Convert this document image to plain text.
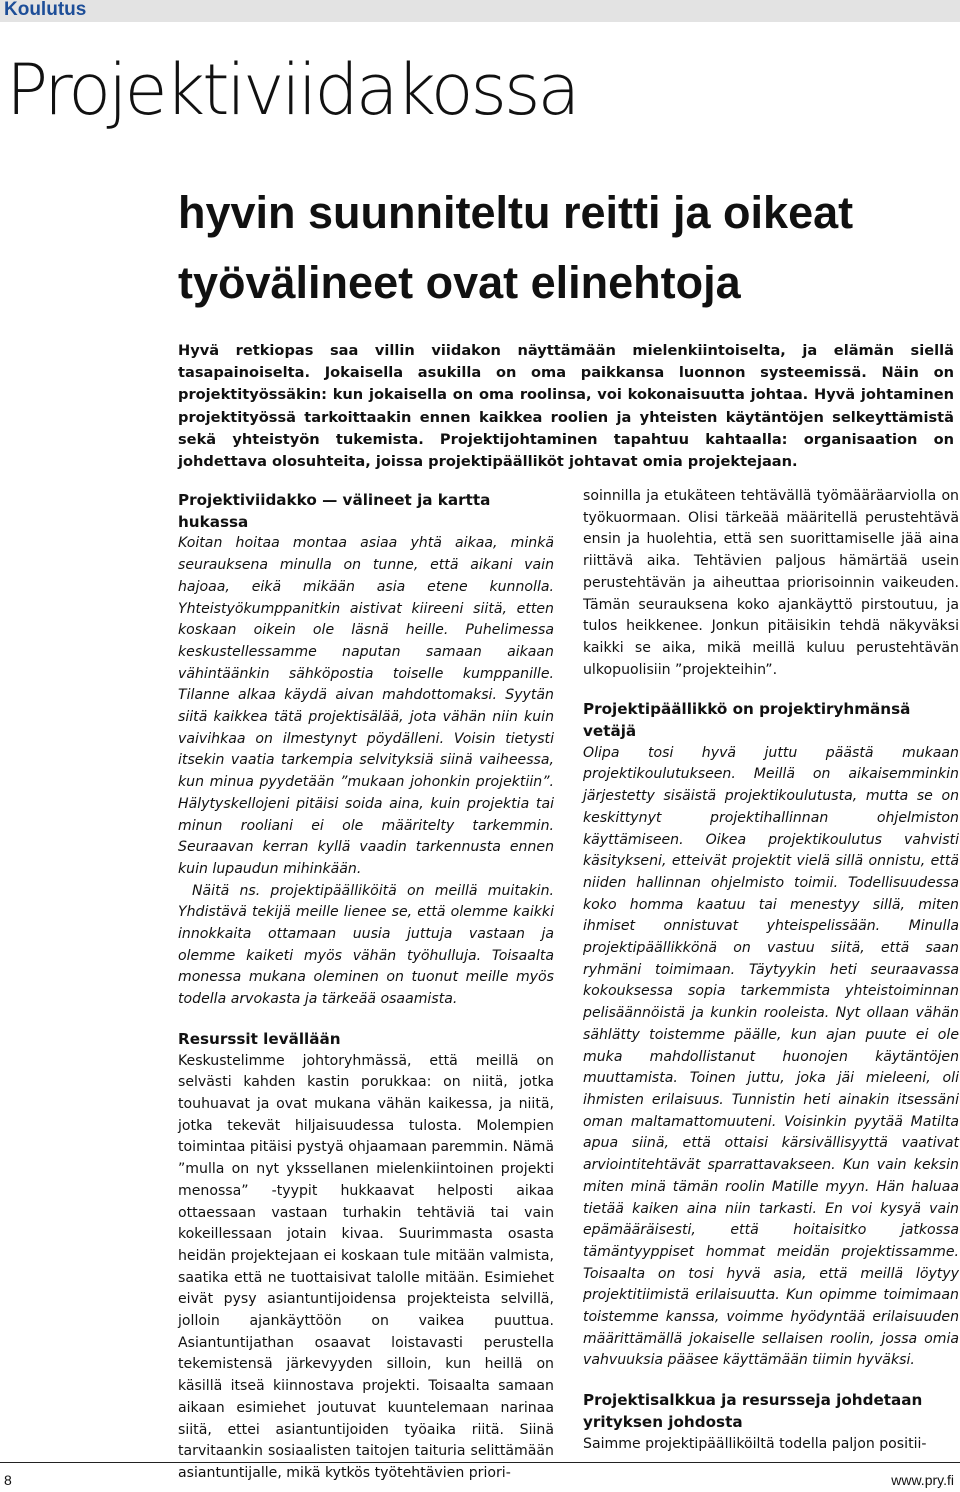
Koulutus
Projektiviidakossa
hyvin suunniteltu reitti ja oikeat työvälineet ovat elinehtoja

Hyvä retkiopas saa villin viidakon näyttämään mielenkiintoiselta, ja elämän siellä tasapainoiselta. Jokaisella asukilla on oma paikkansa luonnon systeemissä. Näin on projektityössäkin: kun jokaisella on oma roolinsa, voi kokonaisuutta johtaa. Hyvä johtaminen projektityössä tarkoittaakin ennen kaikkea roolien ja yhteisten käytäntöjen selkeyttämistä sekä yhteistyön tukemista. Projektijohtaminen tapahtuu kahtaalla: organisaation on johdettava olosuhteita, joissa projektipäälliköt johtavat omia projektejaan.

Projektiviidakko — välineet ja kartta hukassa

Koitan hoitaa montaa asiaa yhtä aikaa, minkä seurauksena minulla on tunne, että aikani vain hajoaa, eikä mikään asia etene kunnolla. Yhteistyökumppanitkin aistivat kiireeni siitä, etten koskaan oikein ole läsnä heille. Puhelimessa keskustellessamme naputan samaan aikaan vähintäänkin sähköpostia toiselle kumppanille. Tilanne alkaa käydä aivan mahdottomaksi. Syytän siitä kaikkea tätä projektisälää, jota vähän niin kuin vaivihkaa on ilmestynyt pöydälleni. Voisin tietysti itsekin vaatia tarkempia selvityksiä siinä vaiheessa, kun minua pyydetään ”mukaan johonkin projektiin”. Hälytyskellojeni pitäisi soida aina, kuin projektia tai minun rooliani ei ole määritelty tarkemmin. Seuraavan kerran kyllä vaadin tarkennusta ennen kuin lupaudun mihinkään.

Näitä ns. projektipäälliköitä on meillä muitakin. Yhdistävä tekijä meille lienee se, että olemme kaikki innokkaita ottamaan uusia juttuja vastaan ja olemme kaiketi myös vähän työhulluja. Toisaalta monessa mukana oleminen on tuonut meille myös todella arvokasta ja tärkeää osaamista.

Resurssit levällään

Keskustelimme johtoryhmässä, että meillä on selvästi kahden kastin porukkaa: on niitä, jotka touhuavat ja ovat mukana vähän kaikessa, ja niitä, jotka tekevät hiljaisuudessa tulosta. Molempien toimintaa pitäisi pystyä ohjaamaan paremmin. Nämä ”mulla on nyt ykssellanen mielenkiintoinen projekti menossa” -tyypit hukkaavat helposti aikaa ottaessaan vastaan turhakin tehtäviä tai vain kokeillessaan jotain kivaa. Suurimmasta osasta heidän projektejaan ei koskaan tule mitään valmista, saatika että ne tuottaisivat talolle mitään. Esimiehet eivät pysy asiantuntijoidensa projekteista selvillä, jolloin ajankäyttöön on vaikea puuttua. Asiantuntijathan osaavat loistavasti perustella tekemistensä järkevyyden silloin, kun heillä on käsillä itseä kiinnostava projekti. Toisaalta samaan aikaan esimiehet joutuvat kuuntelemaan narinaa siitä, ettei asiantuntijoiden työaika riitä. Siinä tarvitaankin sosiaalisten taitojen taituria selittämään asiantuntijalle, mikä kytkös työtehtävien priori-

soinnilla ja etukäteen tehtävällä työmääräarviolla on työkuormaan. Olisi tärkeää määritellä perustehtävä ensin ja huolehtia, että sen suorittamiselle jää aina riittävä aika. Tehtävien paljous hämärtää usein perustehtävän ja aiheuttaa priorisoinnin vaikeuden. Tämän seurauksena koko ajankäyttö pirstoutuu, ja tulos heikkenee. Jonkun pitäisikin tehdä näkyväksi kaikki se aika, mikä meillä kuluu perustehtävän ulkopuolisiin ”projekteihin”.

Projektipäällikkö on projektiryhmänsä vetäjä

Olipa tosi hyvä juttu päästä mukaan projektikoulutukseen. Meillä on aikaisemminkin järjestetty sisäistä projektikoulutusta, mutta se on keskittynyt projektihallinnan ohjelmiston käyttämiseen. Oikea projektikoulutus vahvisti käsitykseni, etteivät projektit vielä sillä onnistu, että niiden hallinnan ohjelmisto toimii. Todellisuudessa koko homma kaatuu tai menestyy sillä, miten ihmiset onnistuvat yhteispelissään. Minulla projektipäällikkönä on vastuu siitä, että saan ryhmäni toimimaan. Täytyykin heti seuraavassa kokouksessa sopia tarkemmista yhteistoiminnan pelisäännöistä ja kunkin rooleista. Nyt ollaan vähän sählätty toistemme päälle, kun ajan puute ei ole muka mahdollistanut huonojen käytäntöjen muuttamista. Toinen juttu, joka jäi mieleeni, oli ihmisten erilaisuus. Tunnistin heti ainakin itsessäni oman maltamattomuuteni. Voisinkin pyytää Matilta apua siinä, että ottaisi kärsivällisyyttä vaativat arviointitehtävät sparrattavakseen. Kun vain keksin miten minä tämän roolin Matille myyn. Hän haluaa tietää kaiken aina niin tarkasti. En voi kysyä vain epämääräisesti, että hoitaisitko jatkossa tämäntyyppiset hommat meidän projektissamme. Toisaalta on tosi hyvä asia, että meillä löytyy projektitiimistä erilaisuutta. Kun opimme toimimaan toistemme kanssa, voimme hyödyntää erilaisuuden määrittämällä jokaiselle sellaisen roolin, jossa omia vahvuuksia pääsee käyttämään tiimin hyväksi.

Projektisalkkua ja resursseja johdetaan yrityksen johdosta

Saimme projektipäälliköiltä todella paljon positii-

8	www.pry.fi
